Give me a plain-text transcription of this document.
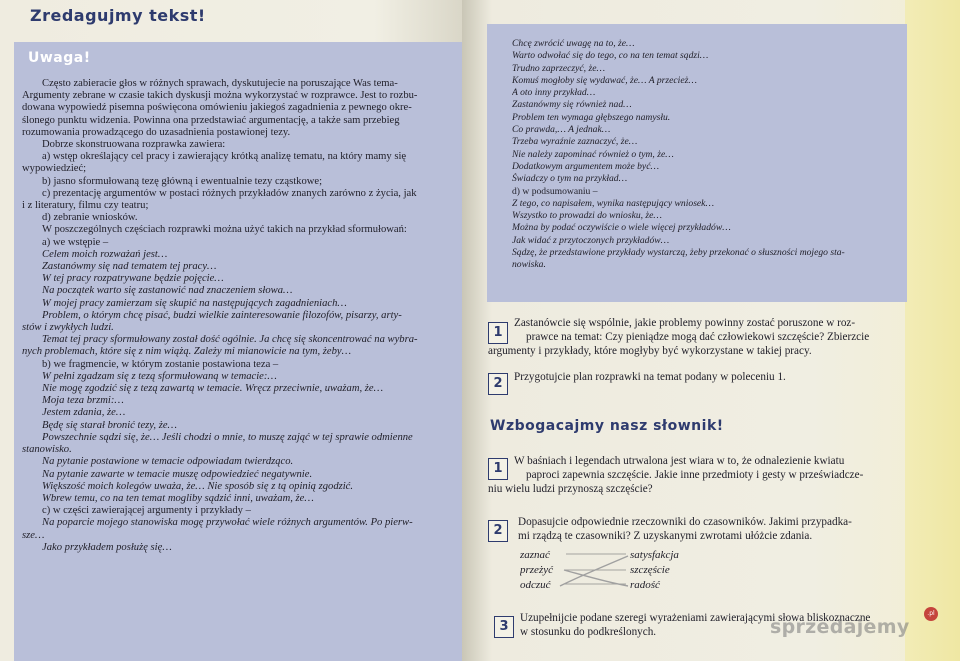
Zredagujmy tekst!
Uwaga!
Często zabieracie głos w różnych sprawach, dyskutujecie na poruszające Was tema-
Argumenty zebrane w czasie takich dyskusji można wykorzystać w rozprawce. Jest to rozbu-
dowana wypowiedź pisemna poświęcona omówieniu jakiegoś zagadnienia z pewnego okre-
ślonego punktu widzenia. Powinna ona przedstawiać argumentację, a także sam przebieg
rozumowania prowadzącego do uzasadnienia postawionej tezy.
Dobrze skonstruowana rozprawka zawiera:
a) wstęp określający cel pracy i zawierający krótką analizę tematu, na który mamy się
wypowiedzieć;
b) jasno sformułowaną tezę główną i ewentualnie tezy cząstkowe;
c) prezentację argumentów w postaci różnych przykładów znanych zarówno z życia, jak
i z literatury, filmu czy teatru;
d) zebranie wniosków.
W poszczególnych częściach rozprawki można użyć takich na przykład sformułowań:
a) we wstępie –
Celem moich rozważań jest…
Zastanówmy się nad tematem tej pracy…
W tej pracy rozpatrywane będzie pojęcie…
Na początek warto się zastanowić nad znaczeniem słowa…
W mojej pracy zamierzam się skupić na następujących zagadnieniach…
Problem, o którym chcę pisać, budzi wielkie zainteresowanie filozofów, pisarzy, arty-
stów i zwykłych ludzi.
Temat tej pracy sformułowany został dość ogólnie. Ja chcę się skoncentrować na wybra-
nych problemach, które się z nim wiążą. Zależy mi mianowicie na tym, żeby…
b) we fragmencie, w którym zostanie postawiona teza –
W pełni zgadzam się z tezą sformułowaną w temacie:…
Nie mogę zgodzić się z tezą zawartą w temacie. Wręcz przeciwnie, uważam, że…
Moja teza brzmi:…
Jestem zdania, że…
Będę się starał bronić tezy, że…
Powszechnie sądzi się, że… Jeśli chodzi o mnie, to muszę zająć w tej sprawie odmienne
stanowisko.
Na pytanie postawione w temacie odpowiadam twierdząco.
Na pytanie zawarte w temacie muszę odpowiedzieć negatywnie.
Większość moich kolegów uważa, że… Nie sposób się z tą opinią zgodzić.
Wbrew temu, co na ten temat mogliby sądzić inni, uważam, że…
c) w części zawierającej argumenty i przykłady –
Na poparcie mojego stanowiska mogę przywołać wiele różnych argumentów. Po pierw-
sze…
Jako przykładem posłużę się…
Chcę zwrócić uwagę na to, że…
Warto odwołać się do tego, co na ten temat sądzi…
Trudno zaprzeczyć, że…
Komuś mogłoby się wydawać, że… A przecież…
A oto inny przykład…
Zastanówmy się również nad…
Problem ten wymaga głębszego namysłu.
Co prawda,… A jednak…
Trzeba wyraźnie zaznaczyć, że…
Nie należy zapominać również o tym, że…
Dodatkowym argumentem może być…
Świadczy o tym na przykład…
d) w podsumowaniu –
Z tego, co napisałem, wynika następujący wniosek…
Wszystko to prowadzi do wniosku, że…
Można by podać oczywiście o wiele więcej przykładów…
Jak widać z przytoczonych przykładów…
Sądzę, że przedstawione przykłady wystarczą, żeby przekonać o słuszności mojego sta-
nowiska.
1
Zastanówcie się wspólnie, jakie problemy powinny zostać poruszone w roz-
prawce na temat: Czy pieniądze mogą dać człowiekowi szczęście? Zbierzcie
argumenty i przykłady, które mogłyby być wykorzystane w takiej pracy.
2	Przygotujcie plan rozprawki na temat podany w poleceniu 1.
Wzbogacajmy nasz słownik!
1	W baśniach i legendach utrwalona jest wiara w to, że odnalezienie kwiatu
paproci zapewnia szczęście. Jakie inne przedmioty i gesty w przeświadcze-
niu wielu ludzi przynoszą szczęście?
2
Dopasujcie odpowiednie rzeczowniki do czasowników. Jakimi przypadka-
mi rządzą te czasowniki? Z uzyskanymi zwrotami ułóżcie zdania.
zaznać
przeżyć
odczuć
satysfakcja
szczęście
radość
3
Uzupełnijcie podane szeregi wyrażeniami zawierającymi słowa bliskoznaczne
w stosunku do podkreślonych.	sprzedajemy
.pl
